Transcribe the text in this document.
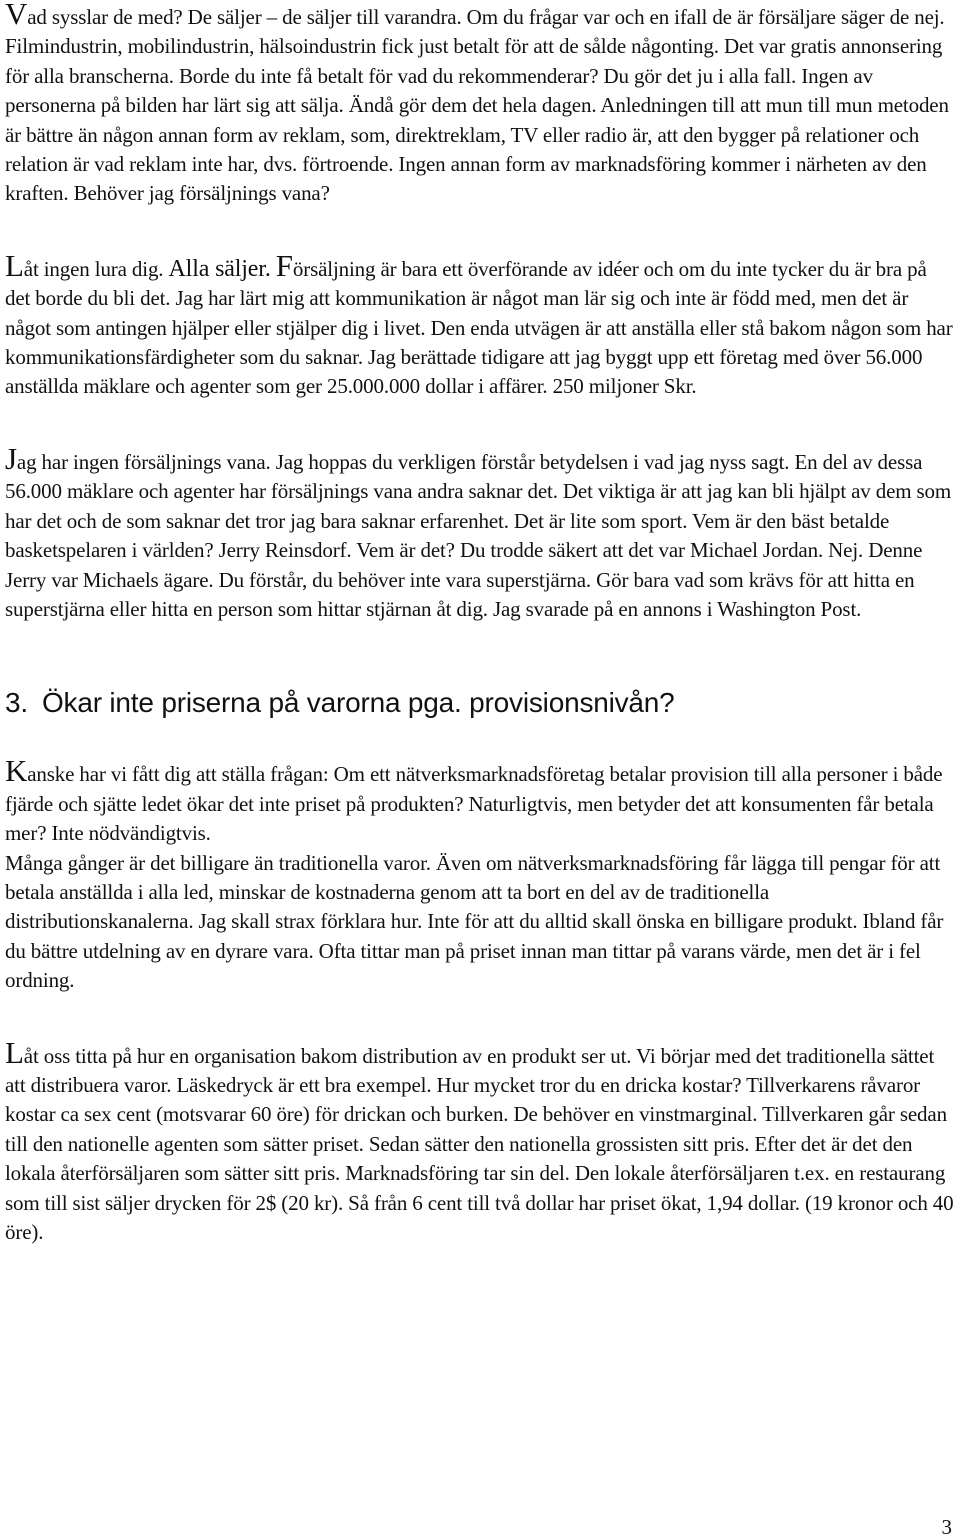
Vad sysslar de med? De säljer – de säljer till varandra. Om du frågar var och en ifall de är försäljare säger de nej. Filmindustrin, mobilindustrin, hälsoindustrin fick just betalt för att de sålde någonting. Det var gratis annonsering för alla branscherna. Borde du inte få betalt för vad du rekommenderar? Du gör det ju i alla fall. Ingen av personerna på bilden har lärt sig att sälja. Ändå gör dem det hela dagen. Anledningen till att mun till mun metoden är bättre än någon annan form av reklam, som, direktreklam, TV eller radio är, att den bygger på relationer och relation är vad reklam inte har, dvs. förtroende. Ingen annan form av marknadsföring kommer i närheten av den kraften. Behöver jag försäljnings vana?

Låt ingen lura dig. Alla säljer. Försäljning är bara ett överförande av idéer och om du inte tycker du är bra på det borde du bli det. Jag har lärt mig att kommunikation är något man lär sig och inte är född med, men det är något som antingen hjälper eller stjälper dig i livet. Den enda utvägen är att anställa eller stå bakom någon som har kommunikationsfärdigheter som du saknar. Jag berättade tidigare att jag byggt upp ett företag med över 56.000 anställda mäklare och agenter som ger 25.000.000 dollar i affärer. 250 miljoner Skr.

Jag har ingen försäljnings vana. Jag hoppas du verkligen förstår betydelsen i vad jag nyss sagt. En del av dessa 56.000 mäklare och agenter har försäljnings vana andra saknar det. Det viktiga är att jag kan bli hjälpt av dem som har det och de som saknar det tror jag bara saknar erfarenhet. Det är lite som sport. Vem är den bäst betalde basketspelaren i världen? Jerry Reinsdorf. Vem är det? Du trodde säkert att det var Michael Jordan. Nej. Denne Jerry var Michaels ägare. Du förstår, du behöver inte vara superstjärna. Gör bara vad som krävs för att hitta en superstjärna eller hitta en person som hittar stjärnan åt dig. Jag svarade på en annons i Washington Post.

3. Ökar inte priserna på varorna pga. provisionsnivån?

Kanske har vi fått dig att ställa frågan: Om ett nätverksmarknadsföretag betalar provision till alla personer i både fjärde och sjätte ledet ökar det inte priset på produkten? Naturligtvis, men betyder det att konsumenten får betala mer? Inte nödvändigtvis.

Många gånger är det billigare än traditionella varor. Även om nätverksmarknadsföring får lägga till pengar för att betala anställda i alla led, minskar de kostnaderna genom att ta bort en del av de traditionella distributionskanalerna. Jag skall strax förklara hur. Inte för att du alltid skall önska en billigare produkt. Ibland får du bättre utdelning av en dyrare vara. Ofta tittar man på priset innan man tittar på varans värde, men det är i fel ordning.

Låt oss titta på hur en organisation bakom distribution av en produkt ser ut. Vi börjar med det traditionella sättet att distribuera varor. Läskedryck är ett bra exempel. Hur mycket tror du en dricka kostar? Tillverkarens råvaror kostar ca sex cent (motsvarar 60 öre) för drickan och burken. De behöver en vinstmarginal. Tillverkaren går sedan till den nationelle agenten som sätter priset. Sedan sätter den nationella grossisten sitt pris. Efter det är det den lokala återförsäljaren som sätter sitt pris. Marknadsföring tar sin del. Den lokale återförsäljaren t.ex. en restaurang som till sist säljer drycken för 2$ (20 kr). Så från 6 cent till två dollar har priset ökat, 1,94 dollar. (19 kronor och 40 öre).

3
